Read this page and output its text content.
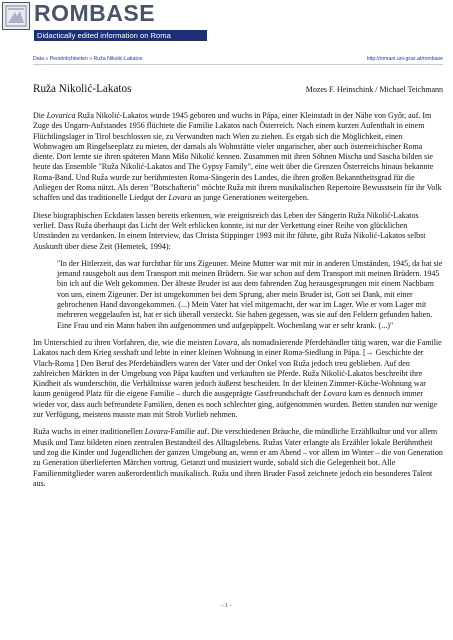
ROMBASE
Didactically edited information on Roma
Data » Persönlichkeiten » Ruža Nikolić-Lakatos	http://romani.uni-graz.at/rombase
Ruža Nikolić-Lakatos	Mozes F. Heinschink / Michael Teichmann

Die Lovarica Ruža Nikolić-Lakatos wurde 1945 geboren und wuchs in Pápa, einer Kleinstadt in der Nähe von Győr, auf. Im Zuge des Ungarn-Aufstandes 1956 flüchtete die Familie Lakatos nach Österreich. Nach einem kurzen Aufenthalt in einem Flüchtlingslager in Tirol beschlossen sie, zu Verwandten nach Wien zu ziehen. Es ergab sich die Möglichkeit, einen Wohnwagen am Ringelseeplatz zu mieten, der damals als Wohnstätte vieler ungarischer, aber auch österreichischer Roma diente. Dort lernte sie ihren späteren Mann Mišo Nikolić kennen. Zusammen mit ihren Söhnen Mischa und Sascha bilden sie heute das Ensemble "Ruža Nikolić-Lakatos and The Gypsy Family", eine weit über die Grenzen Österreichs hinaus bekannte Roma-Band. Und Ruža wurde zur berühmtesten Roma-Sängerin des Landes, die ihren großen Bekanntheitsgrad für die Anliegen der Roma nützt. Als deren "Botschafterin" möchte Ruža mit ihrem musikalischen Repertoire Bewusstsein für ihr Volk schaffen und das traditionelle Liedgut der Lovara an junge Generationen weitergeben.

Diese biographischen Eckdaten lassen bereits erkennen, wie ereignisreich das Leben der Sängerin Ruža Nikolić-Lakatos verlief. Dass Ruža überhaupt das Licht der Welt erblicken konnte, ist nur der Verkettung einer Reihe von glücklichen Umständen zu verdanken. In einem Interview, das Christa Stippinger 1993 mit ihr führte, gibt Ruža Nikolić-Lakatos selbst Auskunft über diese Zeit (Hemetek, 1994):

"In der Hitlerzeit, das war furchtbar für uns Zigeuner. Meine Mutter war mit mir in anderen Umständen, 1945, da hat sie jemand rausgeholt aus dem Transport mit meinen Brüdern. Sie war schon auf dem Transport mit meinen Brüdern. 1945 bin ich auf die Welt gekommen. Der älteste Bruder ist aus dem fahrenden Zug herausgesprungen mit einem Nachbarn von uns, einem Zigeuner. Der ist umgekommen bei dem Sprung, aber mein Bruder ist, Gott sei Dank, mit einer gebrochenen Hand davongekommen. (...) Mein Vater hat viel mitgemacht, der war im Lager. Wie er vom Lager mit mehreren weggelaufen ist, hat er sich überall versteckt. Sie haben gegessen, was sie auf den Feldern gefunden haben. Eine Frau und ein Mann haben ihn aufgenommen und aufgepäppelt. Wochenlang war er sehr krank. (...)"

Im Unterschied zu ihren Vorfahren, die, wie die meisten Lovara, als nomadisierende Pferdehändler tätig waren, war die Familie Lakatos nach dem Krieg sesshaft und lebte in einer kleinen Wohnung in einer Roma-Siedlung in Pápa. [→ Geschichte der Vlach-Roma ] Den Beruf des Pferdehändlers waren der Vater und der Onkel von Ruža jedoch treu geblieben. Auf den zahlreichen Märkten in der Umgebung von Pápa kauften und verkauften sie Pferde. Ruža Nikolić-Lakatos beschreibt ihre Kindheit als wunderschön, die Verhältnisse waren jedoch äußerst bescheiden. In der kleinen Zimmer-Küche-Wohnung war kaum genügend Platz für die eigene Familie – durch die ausgeprägte Gastfreundschaft der Lovara kam es dennoch immer wieder vor, dass auch befreundete Familien, denen es noch schlechter ging, aufgenommen wurden. Betten standen nur wenige zur Verfügung, meistens musste man mit Stroh Vorlieb nehmen.

Ruža wuchs in einer traditionellen Lovara-Familie auf. Die verschiedenen Bräuche, die mündliche Erzählkultur und vor allem Musik und Tanz bildeten einen zentralen Bestandteil des Alltagslebens. Ružas Vater erlangte als Erzähler lokale Berühmtheit und zog die Kinder und Jugendlichen der ganzen Umgebung an, wenn er am Abend – vor allem im Winter – die von Generation zu Generation überlieferten Märchen vortrug. Getanzt und musiziert wurde, sobald sich die Gelegenheit bot. Alle Familienmitglieder waren außerordentlich musikalisch. Ruža und ihren Bruder Fasoš zeichnete jedoch ein besonderes Talent aus.

- 1 -
